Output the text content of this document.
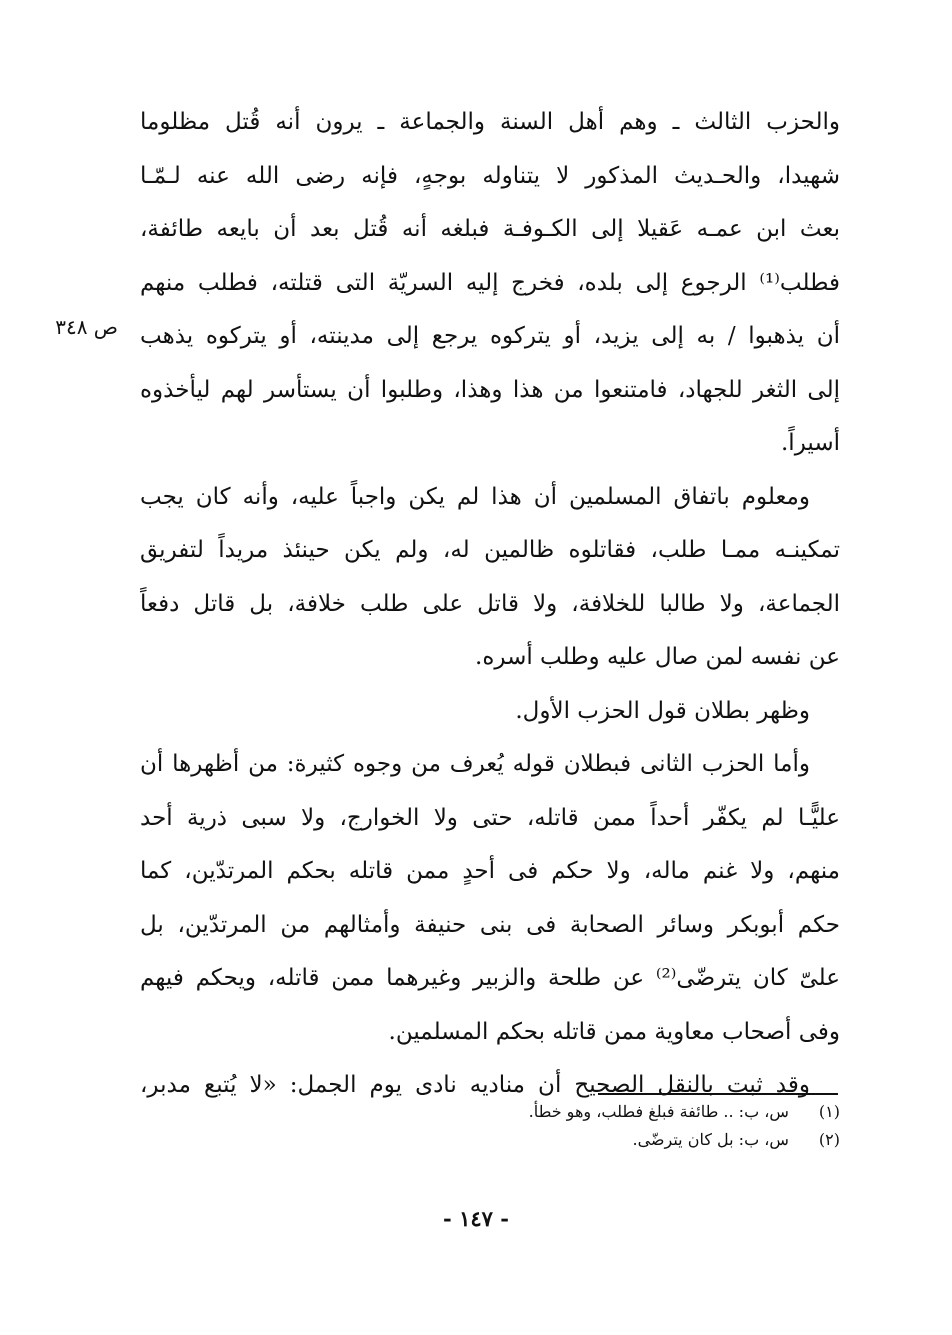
ص ٣٤٨
والحزب الثالث ـ وهم أهل السنة والجماعة ـ يرون أنه قُتل مظلوما
شهيدا، والحـديث المذكور لا يتناوله بوجهٍ، فإنه رضى الله عنه لـمّـا
بعث ابن عمـه عَقيلا إلى الكـوفـة فبلغه أنه قُتل بعد أن بايعه طائفة،
فطلب⁽¹⁾ الرجوع إلى بلده، فخرج إليه السريّة التى قتلته، فطلب منهم
أن يذهبوا / به إلى يزيد، أو يتركوه يرجع إلى مدينته، أو يتركوه يذهب
إلى الثغر للجهاد، فامتنعوا من هذا وهذا، وطلبوا أن يستأسر لهم ليأخذوه
أسيراً.
ومعلوم باتفاق المسلمين أن هذا لم يكن واجباً عليه، وأنه كان يجب
تمكينـه ممـا طلب، فقاتلوه ظالمين له، ولم يكن حينئذ مريداً لتفريق
الجماعة، ولا طالبا للخلافة، ولا قاتل على طلب خلافة، بل قاتل دفعاً
عن نفسه لمن صال عليه وطلب أسره.
وظهر بطلان قول الحزب الأول.
وأما الحزب الثانى فبطلان قوله يُعرف من وجوه كثيرة: من أظهرها أن
عليًّـا لم يكفّر أحداً ممن قاتله، حتى ولا الخوارج، ولا سبى ذرية أحد
منهم، ولا غنم ماله، ولا حكم فى أحدٍ ممن قاتله بحكم المرتدّين، كما
حكم أبوبكر وسائر الصحابة فى بنى حنيفة وأمثالهم من المرتدّين، بل
علىّ كان يترضّى⁽²⁾ عن طلحة والزبير وغيرهما ممن قاتله، ويحكم فيهم
وفى أصحاب معاوية ممن قاتله بحكم المسلمين.
وقد ثبت بالنقل الصحيح أن مناديه نادى يوم الجمل: «لا يُتبع مدبر،
(١) س، ب: .. طائفة فبلغ فطلب، وهو خطأ.
(٢) س، ب: بل كان يترضّى.
- ١٤٧ -
